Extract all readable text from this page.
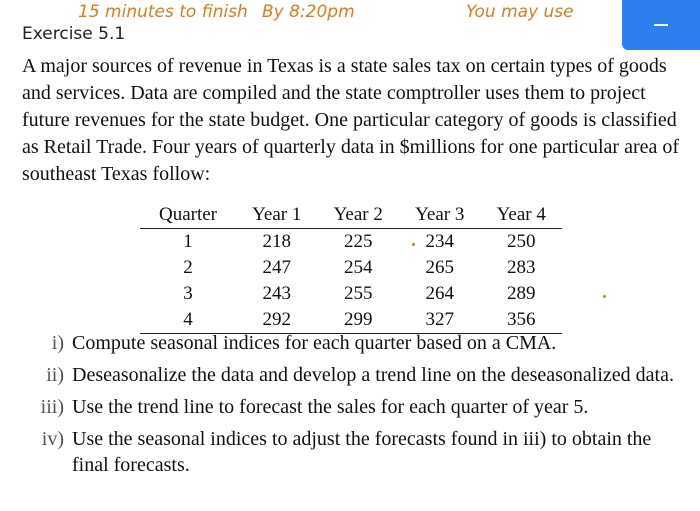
15 minutes to finish By 8:20pm	You may use
Exercise 5.1

A major sources of revenue in Texas is a state sales tax on certain types of goods and services. Data are compiled and the state comptroller uses them to project future revenues for the state budget. One particular category of goods is classified as Retail Trade. Four years of quarterly data in $millions for one particular area of southeast Texas follow:

Quarter	Year 1	Year 2	Year 3	Year 4
1	218	225	234	250
2	247	254	265	283
3	243	255	264	289
4	292	299	327	356
i) Compute seasonal indices for each quarter based on a CMA.
ii) Deseasonalize the data and develop a trend line on the deseasonalized data.
iii) Use the trend line to forecast the sales for each quarter of year 5.
iv) Use the seasonal indices to adjust the forecasts found in iii) to obtain the final forecasts.
